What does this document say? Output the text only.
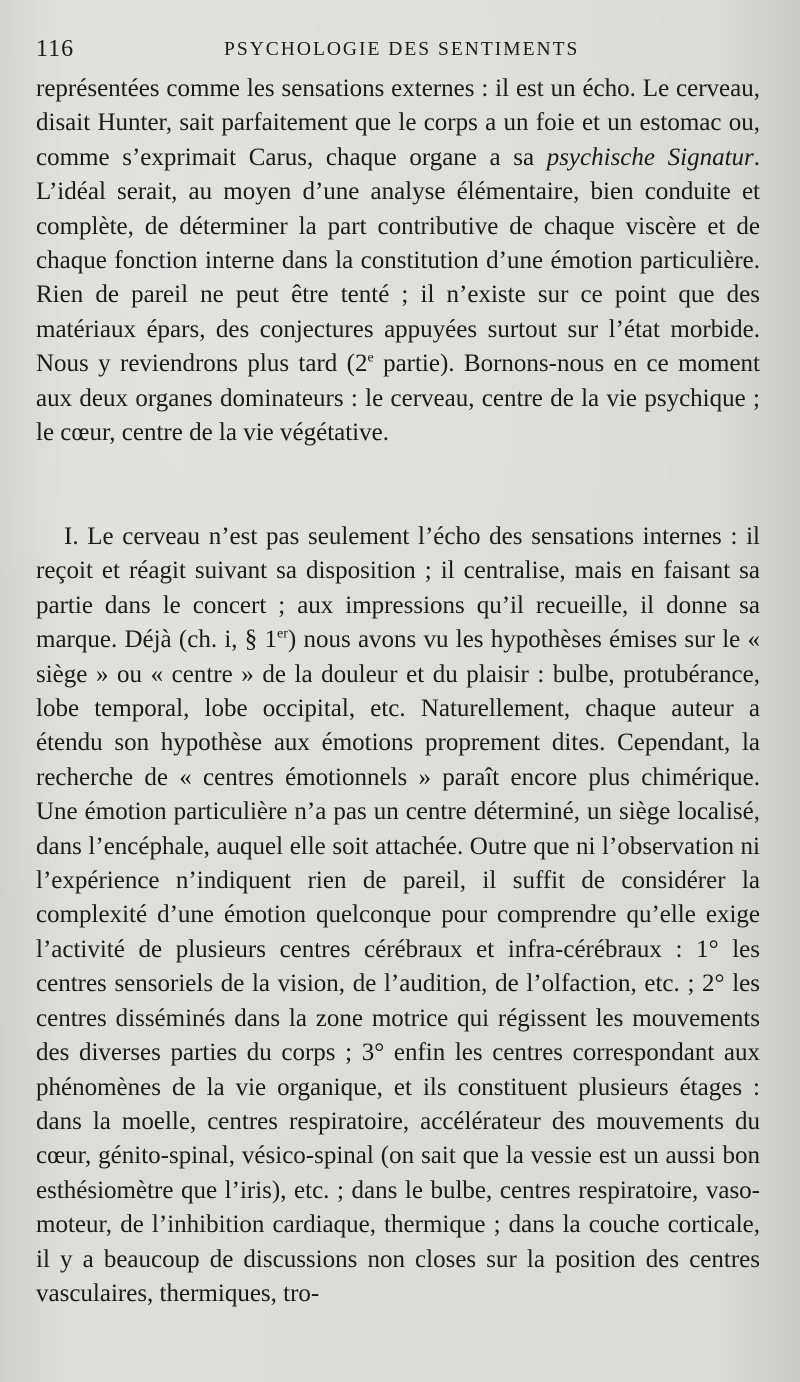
116	PSYCHOLOGIE DES SENTIMENTS

représentées comme les sensations externes : il est un écho. Le cerveau, disait Hunter, sait parfaitement que le corps a un foie et un estomac ou, comme s’exprimait Carus, chaque organe a sa psychische Signatur. L’idéal serait, au moyen d’une analyse élémentaire, bien conduite et complète, de déterminer la part contributive de chaque viscère et de chaque fonction interne dans la constitution d’une émotion particulière. Rien de pareil ne peut être tenté ; il n’existe sur ce point que des matériaux épars, des conjectures appuyées surtout sur l’état morbide. Nous y reviendrons plus tard (2e partie). Bornons-nous en ce moment aux deux organes dominateurs : le cerveau, centre de la vie psychique ; le cœur, centre de la vie végétative.

I. Le cerveau n’est pas seulement l’écho des sensations internes : il reçoit et réagit suivant sa disposition ; il centralise, mais en faisant sa partie dans le concert ; aux impressions qu’il recueille, il donne sa marque. Déjà (ch. i, § 1er) nous avons vu les hypothèses émises sur le « siège » ou « centre » de la douleur et du plaisir : bulbe, protubérance, lobe temporal, lobe occipital, etc. Naturellement, chaque auteur a étendu son hypothèse aux émotions proprement dites. Cependant, la recherche de « centres émotionnels » paraît encore plus chimérique. Une émotion particulière n’a pas un centre déterminé, un siège localisé, dans l’encéphale, auquel elle soit attachée. Outre que ni l’observation ni l’expérience n’indiquent rien de pareil, il suffit de considérer la complexité d’une émotion quelconque pour comprendre qu’elle exige l’activité de plusieurs centres cérébraux et infra-cérébraux : 1° les centres sensoriels de la vision, de l’audition, de l’olfaction, etc. ; 2° les centres disséminés dans la zone motrice qui régissent les mouvements des diverses parties du corps ; 3° enfin les centres correspondant aux phénomènes de la vie organique, et ils constituent plusieurs étages : dans la moelle, centres respiratoire, accélérateur des mouvements du cœur, génito-spinal, vésico-spinal (on sait que la vessie est un aussi bon esthésiomètre que l’iris), etc. ; dans le bulbe, centres respiratoire, vaso-moteur, de l’inhibition cardiaque, thermique ; dans la couche corticale, il y a beaucoup de discussions non closes sur la position des centres vasculaires, thermiques, tro-
